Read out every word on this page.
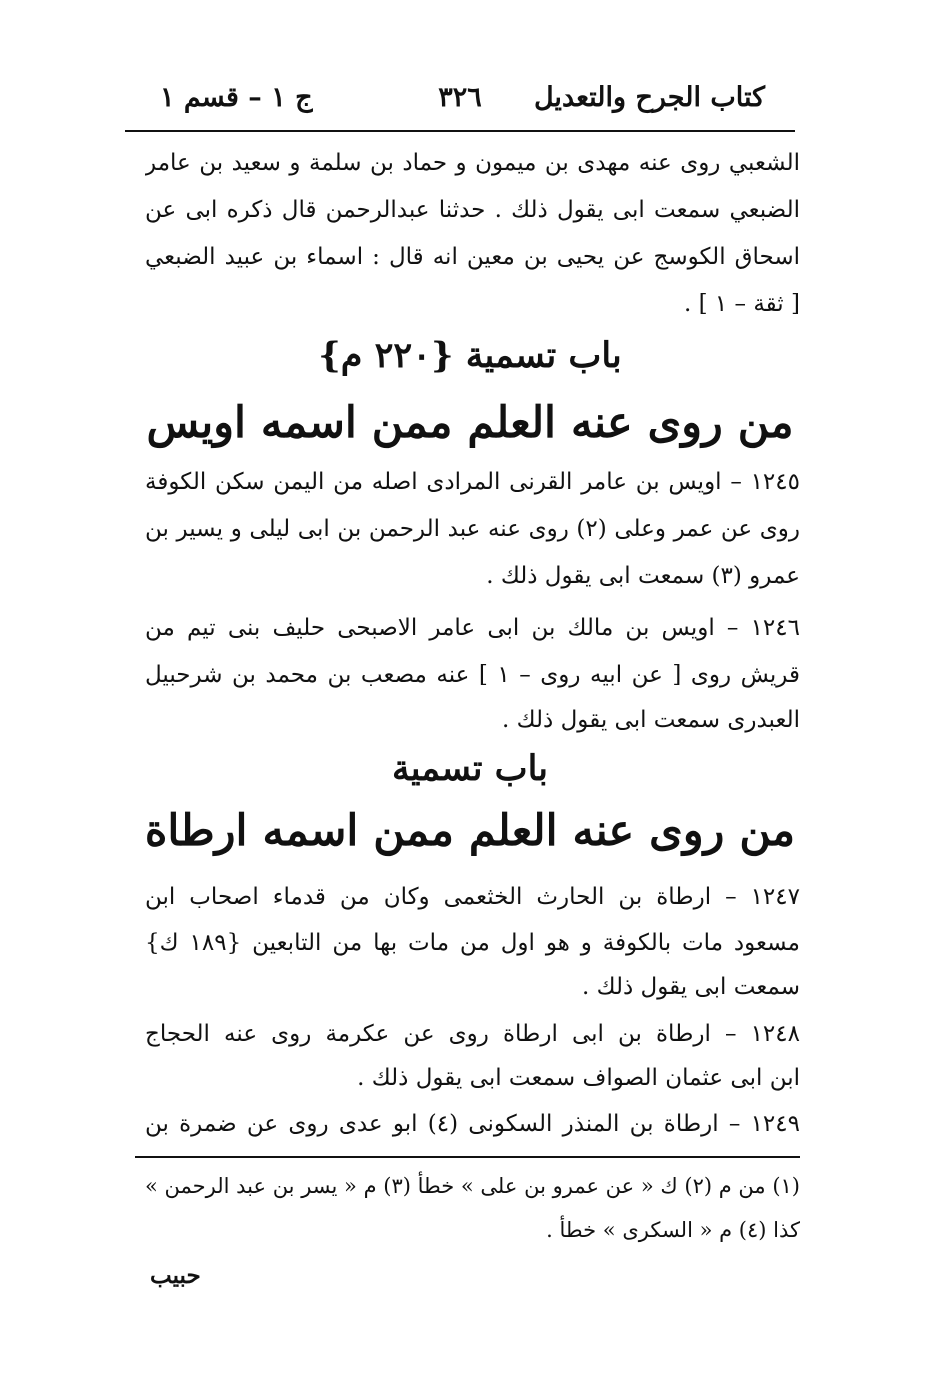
كتاب الجرح والتعديل
٣٢٦
ج ١ – قسم ١
الشعبي روى عنه مهدى بن ميمون و حماد بن سلمة و سعيد بن عامر
الضبعي سمعت ابى يقول ذلك . حدثنا عبدالرحمن قال ذكره ابى عن
اسحاق الكوسج عن يحيى بن معين انه قال : اسماء بن عبيد الضبعي
[ ثقة – ١ ] .
باب تسمية {٢٢٠ م}
من روى عنه العلم ممن اسمه اويس
١٢٤٥ – اويس بن عامر القرنى المرادى اصله من اليمن سكن الكوفة
روى عن عمر وعلى (٢) روى عنه عبد الرحمن بن ابى ليلى و يسير بن
عمرو (٣) سمعت ابى يقول ذلك .
١٢٤٦ – اويس بن مالك بن ابى عامر الاصبحى حليف بنى تيم من
قريش روى [ عن ابيه روى – ١ ] عنه مصعب بن محمد بن شرحبيل
العبدرى سمعت ابى يقول ذلك .
باب تسمية
من روى عنه العلم ممن اسمه ارطاة
١٢٤٧ – ارطاة بن الحارث الخثعمى وكان من قدماء اصحاب ابن
مسعود مات بالكوفة و هو اول من مات بها من التابعين {١٨٩ ك}
سمعت ابى يقول ذلك .
١٢٤٨ – ارطاة بن ابى ارطاة روى عن عكرمة روى عنه الحجاج
ابن ابى عثمان الصواف سمعت ابى يقول ذلك .
١٢٤٩ – ارطاة بن المنذر السكونى (٤) ابو عدى روى عن ضمرة بن
(١) من م (٢) ك « عن عمرو بن على » خطأ (٣) م « يسر بن عبد الرحمن »
كذا (٤) م « السكرى » خطأ .
حبيب
